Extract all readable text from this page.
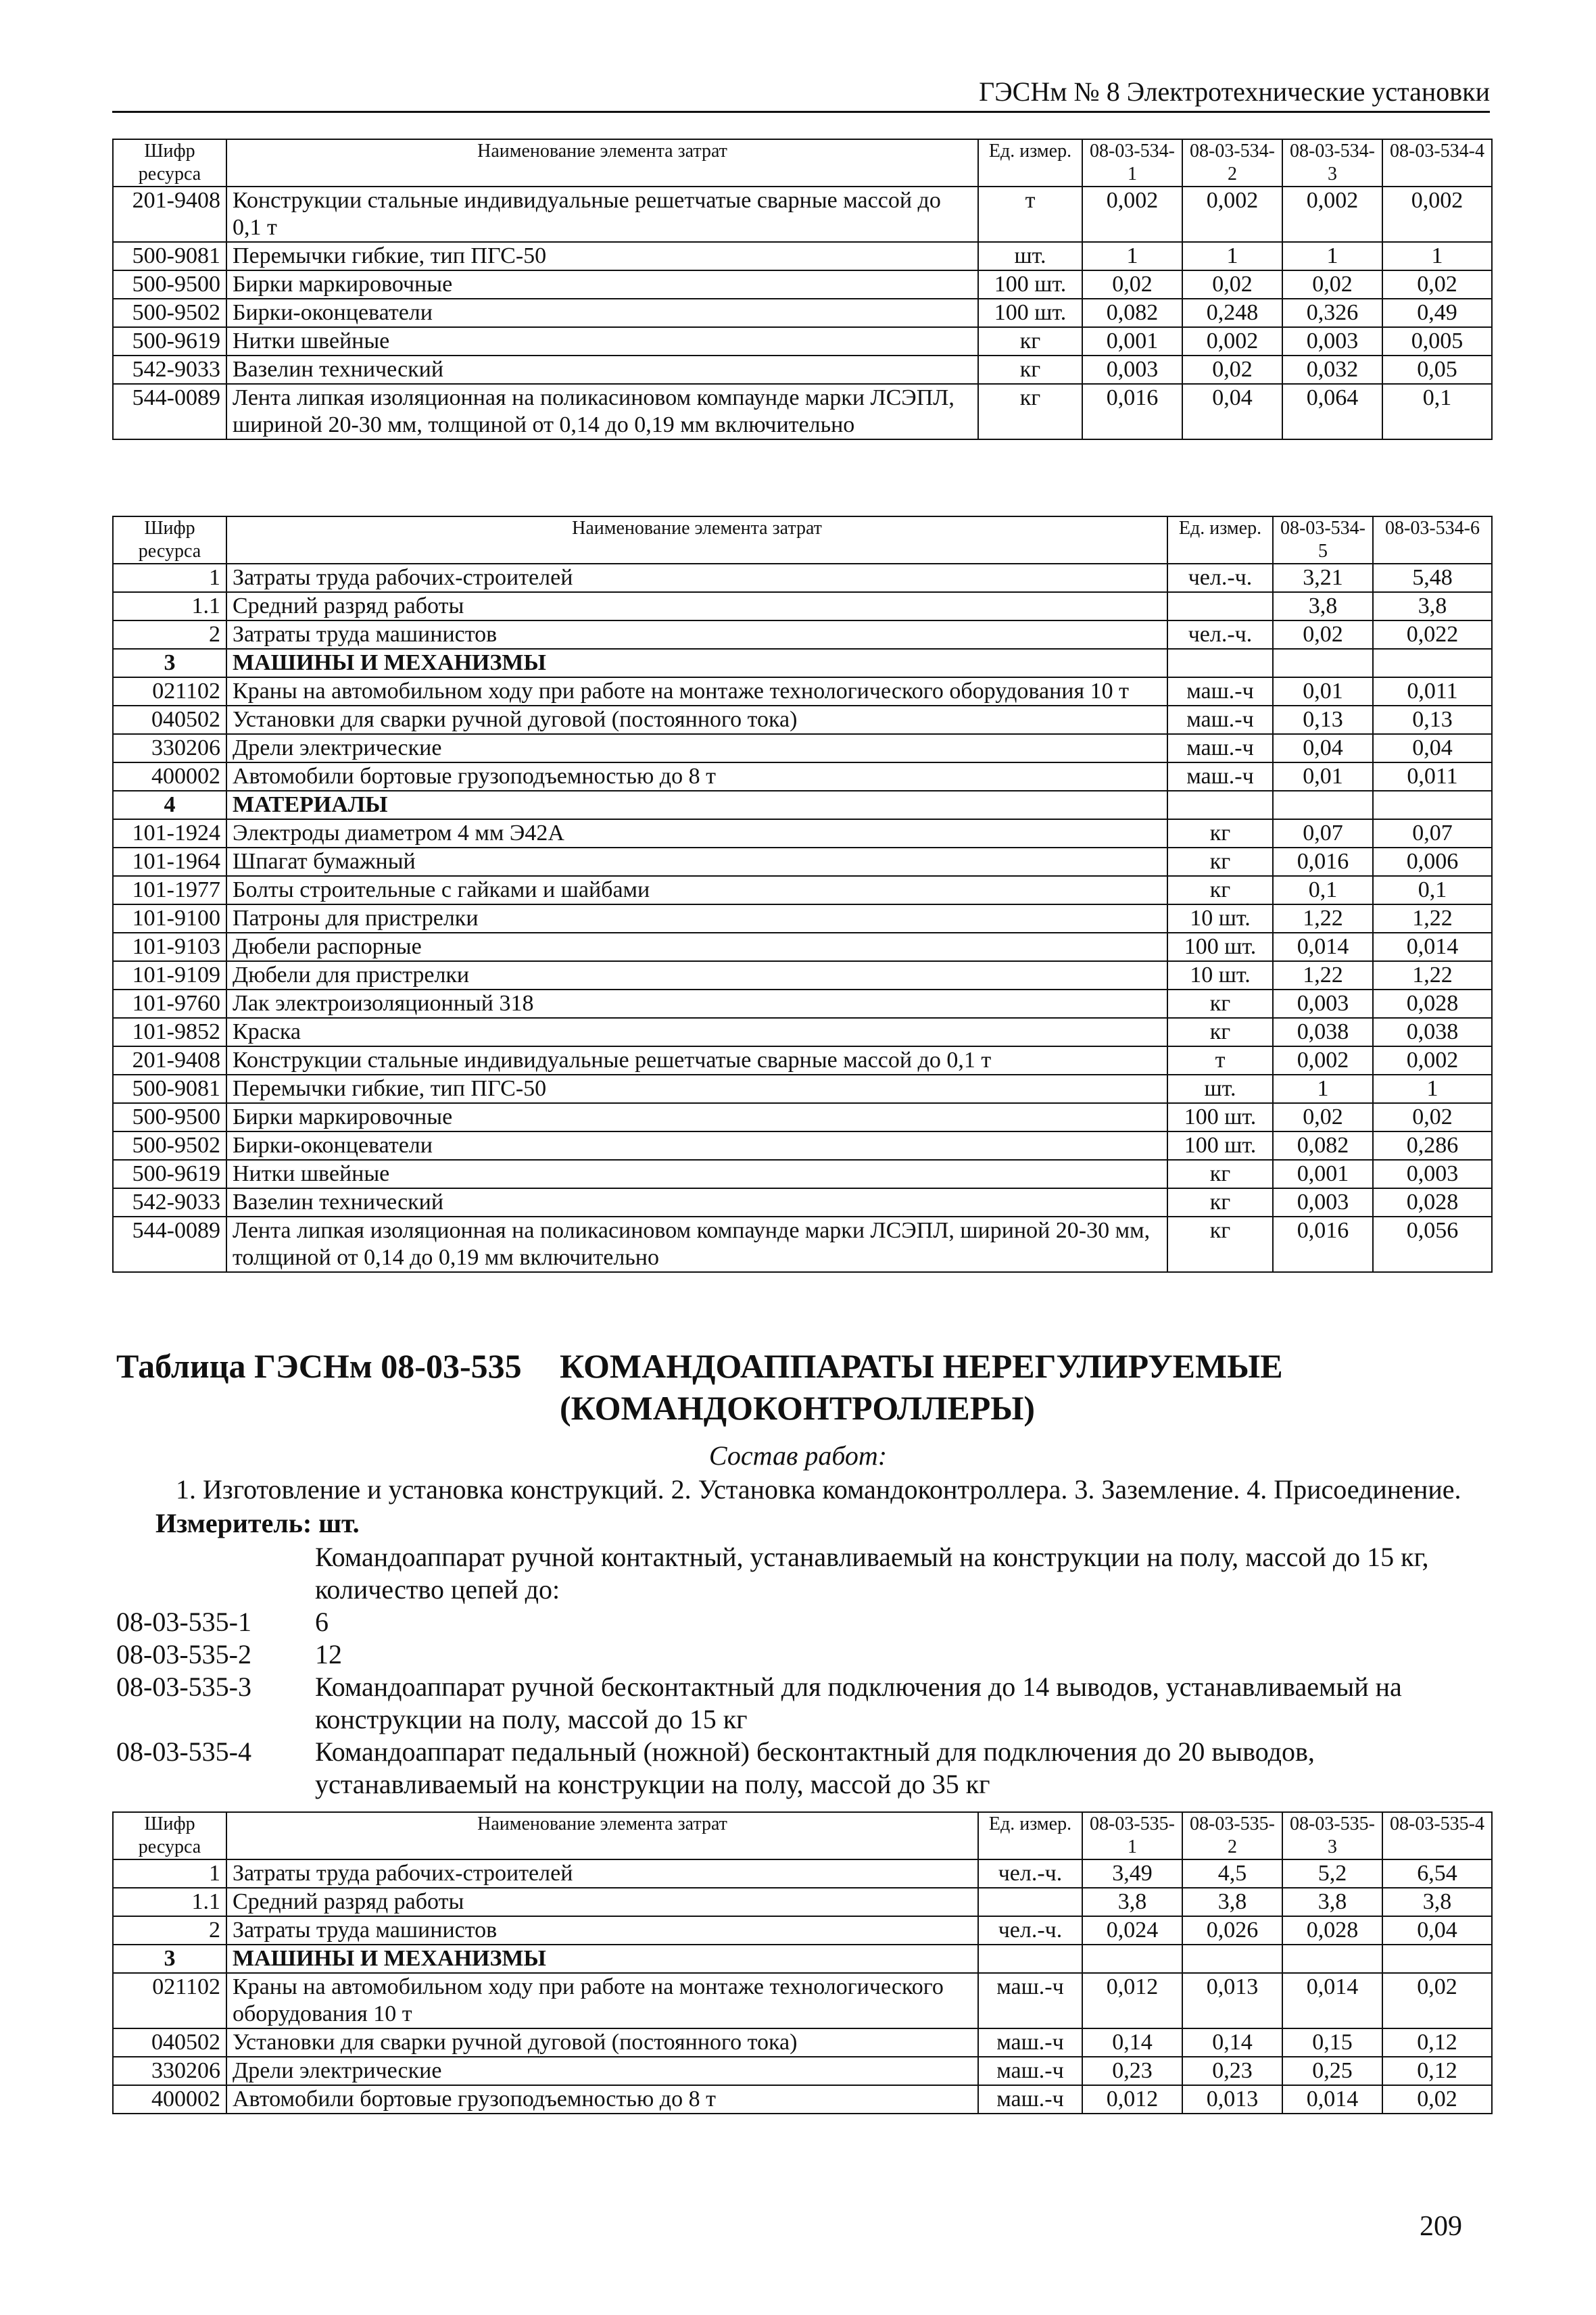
ГЭСНм № 8 Электротехнические установки
Шифр ресурса	Наименование элемента затрат	Ед. измер.	08-03-534-1	08-03-534-2	08-03-534-3	08-03-534-4
201-9408	Конструкции стальные индивидуальные решетчатые сварные массой до 0,1 т	т	0,002	0,002	0,002	0,002
500-9081	Перемычки гибкие, тип ПГС-50	шт.	1	1	1	1
500-9500	Бирки маркировочные	100 шт.	0,02	0,02	0,02	0,02
500-9502	Бирки-оконцеватели	100 шт.	0,082	0,248	0,326	0,49
500-9619	Нитки швейные	кг	0,001	0,002	0,003	0,005
542-9033	Вазелин технический	кг	0,003	0,02	0,032	0,05
544-0089	Лента липкая изоляционная на поликасиновом компаунде марки ЛСЭПЛ, шириной 20-30 мм, толщиной от 0,14 до 0,19 мм включительно	кг	0,016	0,04	0,064	0,1
Шифр ресурса	Наименование элемента затрат	Ед. измер.	08-03-534-5	08-03-534-6
1	Затраты труда рабочих-строителей	чел.-ч.	3,21	5,48
1.1	Средний разряд работы		3,8	3,8
2	Затраты труда машинистов	чел.-ч.	0,02	0,022
3	МАШИНЫ И МЕХАНИЗМЫ			
021102	Краны на автомобильном ходу при работе на монтаже технологического оборудования 10 т	маш.-ч	0,01	0,011
040502	Установки для сварки ручной дуговой (постоянного тока)	маш.-ч	0,13	0,13
330206	Дрели электрические	маш.-ч	0,04	0,04
400002	Автомобили бортовые грузоподъемностью до 8 т	маш.-ч	0,01	0,011
4	МАТЕРИАЛЫ			
101-1924	Электроды диаметром 4 мм Э42А	кг	0,07	0,07
101-1964	Шпагат бумажный	кг	0,016	0,006
101-1977	Болты строительные с гайками и шайбами	кг	0,1	0,1
101-9100	Патроны для пристрелки	10 шт.	1,22	1,22
101-9103	Дюбели распорные	100 шт.	0,014	0,014
101-9109	Дюбели для пристрелки	10 шт.	1,22	1,22
101-9760	Лак электроизоляционный 318	кг	0,003	0,028
101-9852	Краска	кг	0,038	0,038
201-9408	Конструкции стальные индивидуальные решетчатые сварные массой до 0,1 т	т	0,002	0,002
500-9081	Перемычки гибкие, тип ПГС-50	шт.	1	1
500-9500	Бирки маркировочные	100 шт.	0,02	0,02
500-9502	Бирки-оконцеватели	100 шт.	0,082	0,286
500-9619	Нитки швейные	кг	0,001	0,003
542-9033	Вазелин технический	кг	0,003	0,028
544-0089	Лента липкая изоляционная на поликасиновом компаунде марки ЛСЭПЛ, шириной 20-30 мм, толщиной от 0,14 до 0,19 мм включительно	кг	0,016	0,056
Таблица ГЭСНм 08-03-535 КОМАНДОАППАРАТЫ НЕРЕГУЛИРУЕМЫЕ (КОМАНДОКОНТРОЛЛЕРЫ)
Состав работ:
1. Изготовление и установка конструкций. 2. Установка командоконтроллера. 3. Заземление. 4. Присоединение.
Измеритель: шт.
Командоаппарат ручной контактный, устанавливаемый на конструкции на полу, массой до 15 кг, количество цепей до:
08-03-535-1	6
08-03-535-2	12
08-03-535-3	Командоаппарат ручной бесконтактный для подключения до 14 выводов, устанавливаемый на конструкции на полу, массой до 15 кг
08-03-535-4	Командоаппарат педальный (ножной) бесконтактный для подключения до 20 выводов, устанавливаемый на конструкции на полу, массой до 35 кг
Шифр ресурса	Наименование элемента затрат	Ед. измер.	08-03-535-1	08-03-535-2	08-03-535-3	08-03-535-4
1	Затраты труда рабочих-строителей	чел.-ч.	3,49	4,5	5,2	6,54
1.1	Средний разряд работы		3,8	3,8	3,8	3,8
2	Затраты труда машинистов	чел.-ч.	0,024	0,026	0,028	0,04
3	МАШИНЫ И МЕХАНИЗМЫ					
021102	Краны на автомобильном ходу при работе на монтаже технологического оборудования 10 т	маш.-ч	0,012	0,013	0,014	0,02
040502	Установки для сварки ручной дуговой (постоянного тока)	маш.-ч	0,14	0,14	0,15	0,12
330206	Дрели электрические	маш.-ч	0,23	0,23	0,25	0,12
400002	Автомобили бортовые грузоподъемностью до 8 т	маш.-ч	0,012	0,013	0,014	0,02
209
